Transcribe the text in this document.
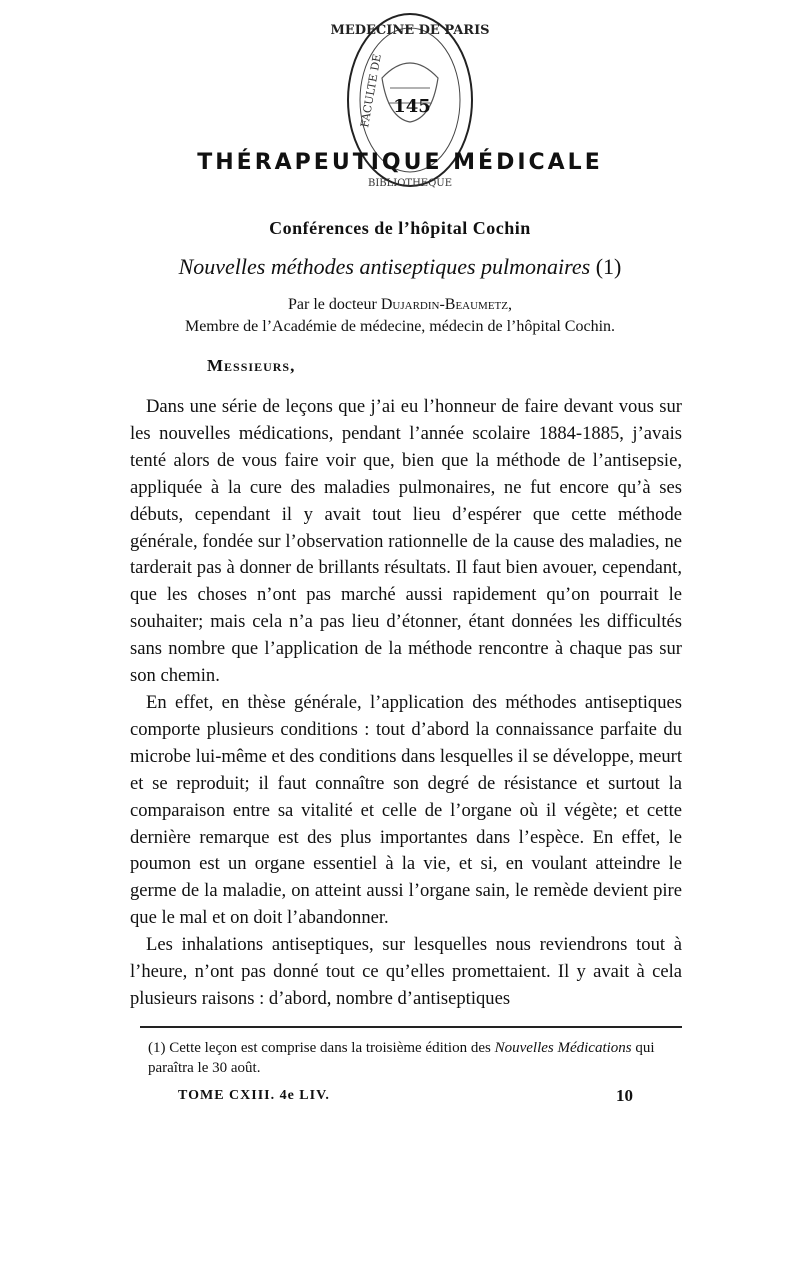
MEDECINE DE PARIS
FACULTE DE 145
BIBLIOTHEQUE
THÉRAPEUTIQUE MÉDICALE
Conférences de l’hôpital Cochin
Nouvelles méthodes antiseptiques pulmonaires (1)
Par le docteur Dujardin-Beaumetz,
Membre de l’Académie de médecine, médecin de l’hôpital Cochin.
Messieurs,

Dans une série de leçons que j’ai eu l’honneur de faire devant vous sur les nouvelles médications, pendant l’année scolaire 1884-1885, j’avais tenté alors de vous faire voir que, bien que la méthode de l’antisepsie, appliquée à la cure des maladies pulmonaires, ne fut encore qu’à ses débuts, cependant il y avait tout lieu d’espérer que cette méthode générale, fondée sur l’observation rationnelle de la cause des maladies, ne tarderait pas à donner de brillants résultats. Il faut bien avouer, cependant, que les choses n’ont pas marché aussi rapidement qu’on pourrait le souhaiter; mais cela n’a pas lieu d’étonner, étant données les difficultés sans nombre que l’application de la méthode rencontre à chaque pas sur son chemin.

En effet, en thèse générale, l’application des méthodes antiseptiques comporte plusieurs conditions : tout d’abord la connaissance parfaite du microbe lui-même et des conditions dans lesquelles il se développe, meurt et se reproduit; il faut connaître son degré de résistance et surtout la comparaison entre sa vitalité et celle de l’organe où il végète; et cette dernière remarque est des plus importantes dans l’espèce. En effet, le poumon est un organe essentiel à la vie, et si, en voulant atteindre le germe de la maladie, on atteint aussi l’organe sain, le remède devient pire que le mal et on doit l’abandonner.

Les inhalations antiseptiques, sur lesquelles nous reviendrons tout à l’heure, n’ont pas donné tout ce qu’elles promettaient. Il y avait à cela plusieurs raisons : d’abord, nombre d’antiseptiques

(1) Cette leçon est comprise dans la troisième édition des Nouvelles Médications qui paraîtra le 30 août.
TOME CXIII. 4e LIV.	10
